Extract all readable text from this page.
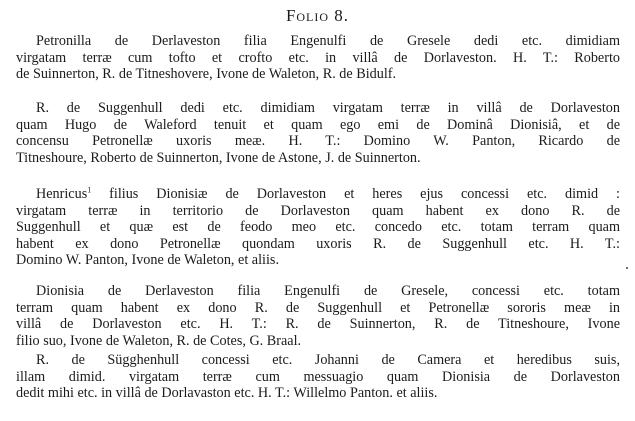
Folio 8.

Petronilla de Derlaveston filia Engenulfi de Gresele dedi etc. dimidiam
virgatam terræ cum tofto et crofto etc. in villâ de Dorlaveston. H. T.: Roberto
de Suinnerton, R. de Titneshovere, Ivone de Waleton, R. de Bidulf.

R. de Suggenhull dedi etc. dimidiam virgatam terræ in villâ de Dorlaveston
quam Hugo de Waleford tenuit et quam ego emi de Dominâ Dionisiâ, et de
concensu Petronellæ uxoris meæ. H. T.: Domino W. Panton, Ricardo de
Titneshoure, Roberto de Suinnerton, Ivone de Astone, J. de Suinnerton.

Henricus$^1$ filius Dionisiæ de Dorlaveston et heres ejus concessi etc. dimid :
virgatam terræ in territorio de Dorlaveston quam habent ex dono R. de
Suggenhull et quæ est de feodo meo etc. concedo etc. totam terram quam
habent ex dono Petronellæ quondam uxoris R. de Suggenhull etc. H. T.:
Domino W. Panton, Ivone de Waleton, et aliis.

Dionisia de Derlaveston filia Engenulfi de Gresele, concessi etc. totam
terram quam habent ex dono R. de Suggenhull et Petronellæ sororis meæ in
villâ de Dorlaveston etc. H. T.: R. de Suinnerton, R. de Titneshoure, Ivone
filio suo, Ivone de Waleton, R. de Cotes, G. Braal.

R. de Sügghenhull concessi etc. Johanni de Camera et heredibus suis,
illam dimid. virgatam terræ cum messuagio quam Dionisia de Dorlaveston
dedit mihi etc. in villâ de Dorlavaston etc. H. T.: Willelmo Panton. et aliis.
